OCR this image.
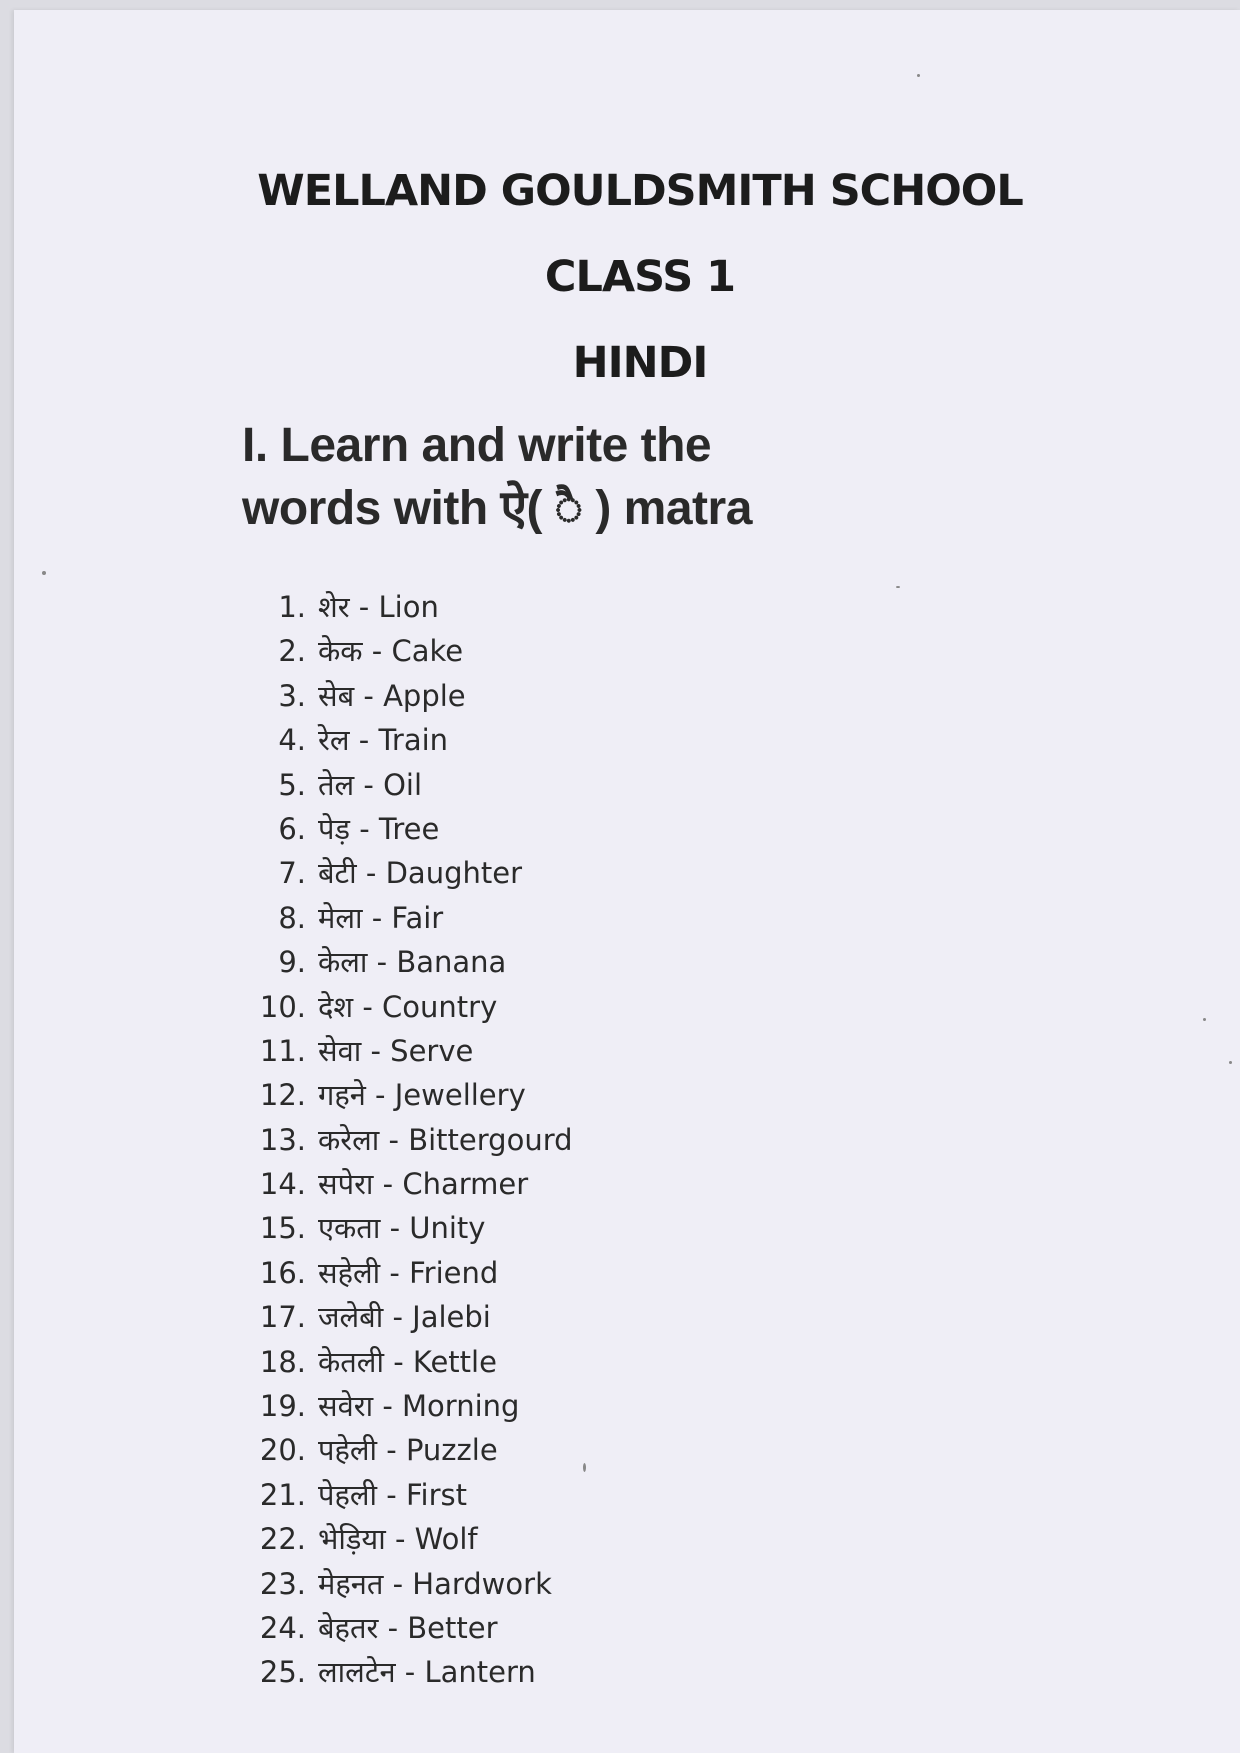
WELLAND GOULDSMITH SCHOOL
CLASS 1
HINDI
I. Learn and write the
words with ऐ( ै ) matra
1. शेर - Lion
2. केक - Cake
3. सेब - Apple
4. रेल - Train
5. तेल - Oil
6. पेड़ - Tree
7. बेटी - Daughter
8. मेला - Fair
9. केला - Banana
10. देश - Country
11. सेवा - Serve
12. गहने - Jewellery
13. करेला - Bittergourd
14. सपेरा - Charmer
15. एकता - Unity
16. सहेली - Friend
17. जलेबी - Jalebi
18. केतली - Kettle
19. सवेरा - Morning
20. पहेली - Puzzle
21. पेहली - First
22. भेड़िया - Wolf
23. मेहनत - Hardwork
24. बेहतर - Better
25. लालटेन - Lantern
